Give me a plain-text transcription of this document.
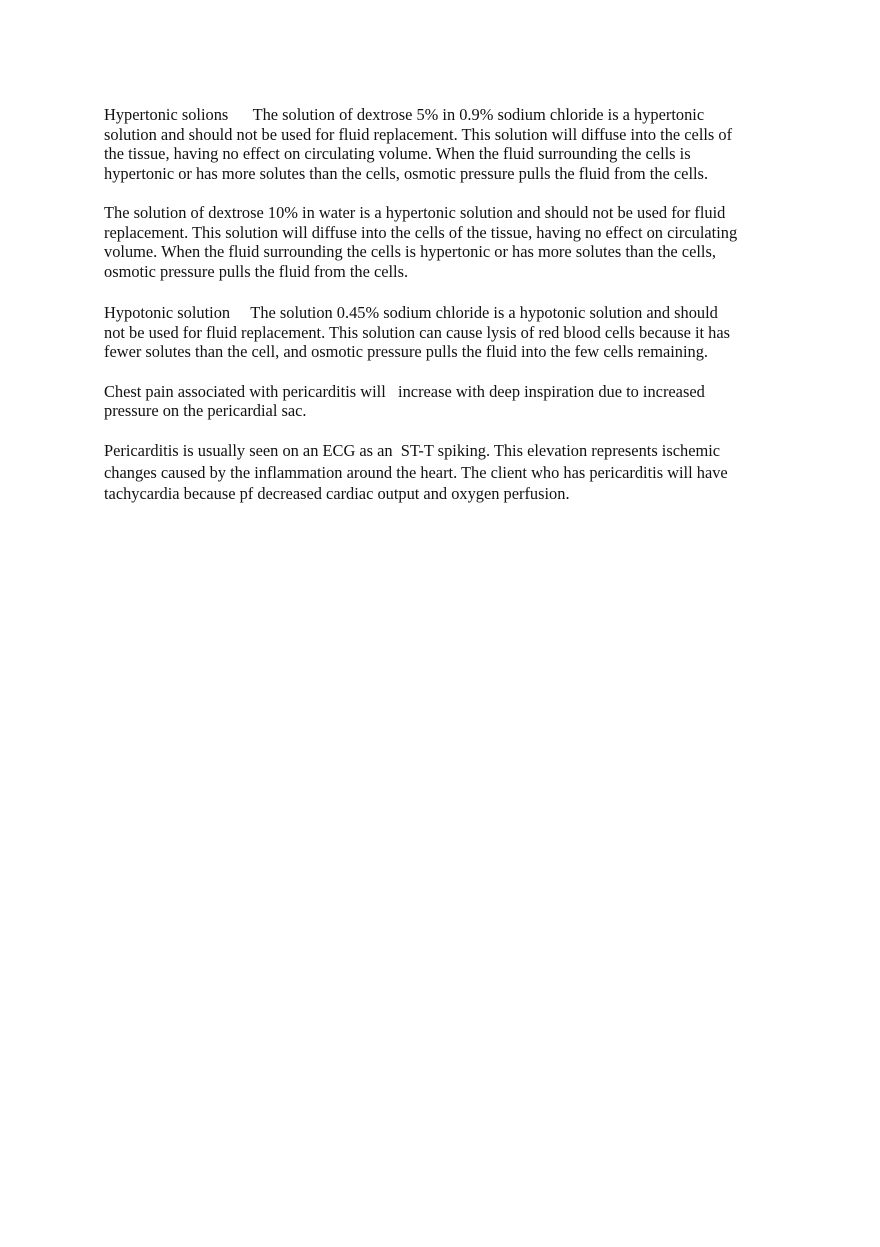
Hypertonic solions      The solution of dextrose 5% in 0.9% sodium chloride is a hypertonic
solution and should not be used for fluid replacement. This solution will diffuse into the cells of
the tissue, having no effect on circulating volume. When the fluid surrounding the cells is
hypertonic or has more solutes than the cells, osmotic pressure pulls the fluid from the cells.
The solution of dextrose 10% in water is a hypertonic solution and should not be used for fluid
replacement. This solution will diffuse into the cells of the tissue, having no effect on circulating
volume. When the fluid surrounding the cells is hypertonic or has more solutes than the cells,
osmotic pressure pulls the fluid from the cells.
Hypotonic solution     The solution 0.45% sodium chloride is a hypotonic solution and should
not be used for fluid replacement. This solution can cause lysis of red blood cells because it has
fewer solutes than the cell, and osmotic pressure pulls the fluid into the few cells remaining.
Chest pain associated with pericarditis will   increase with deep inspiration due to increased
pressure on the pericardial sac.
Pericarditis is usually seen on an ECG as an  ST-T spiking. This elevation represents ischemic
changes caused by the inflammation around the heart. The client who has pericarditis will have
tachycardia because pf decreased cardiac output and oxygen perfusion.
